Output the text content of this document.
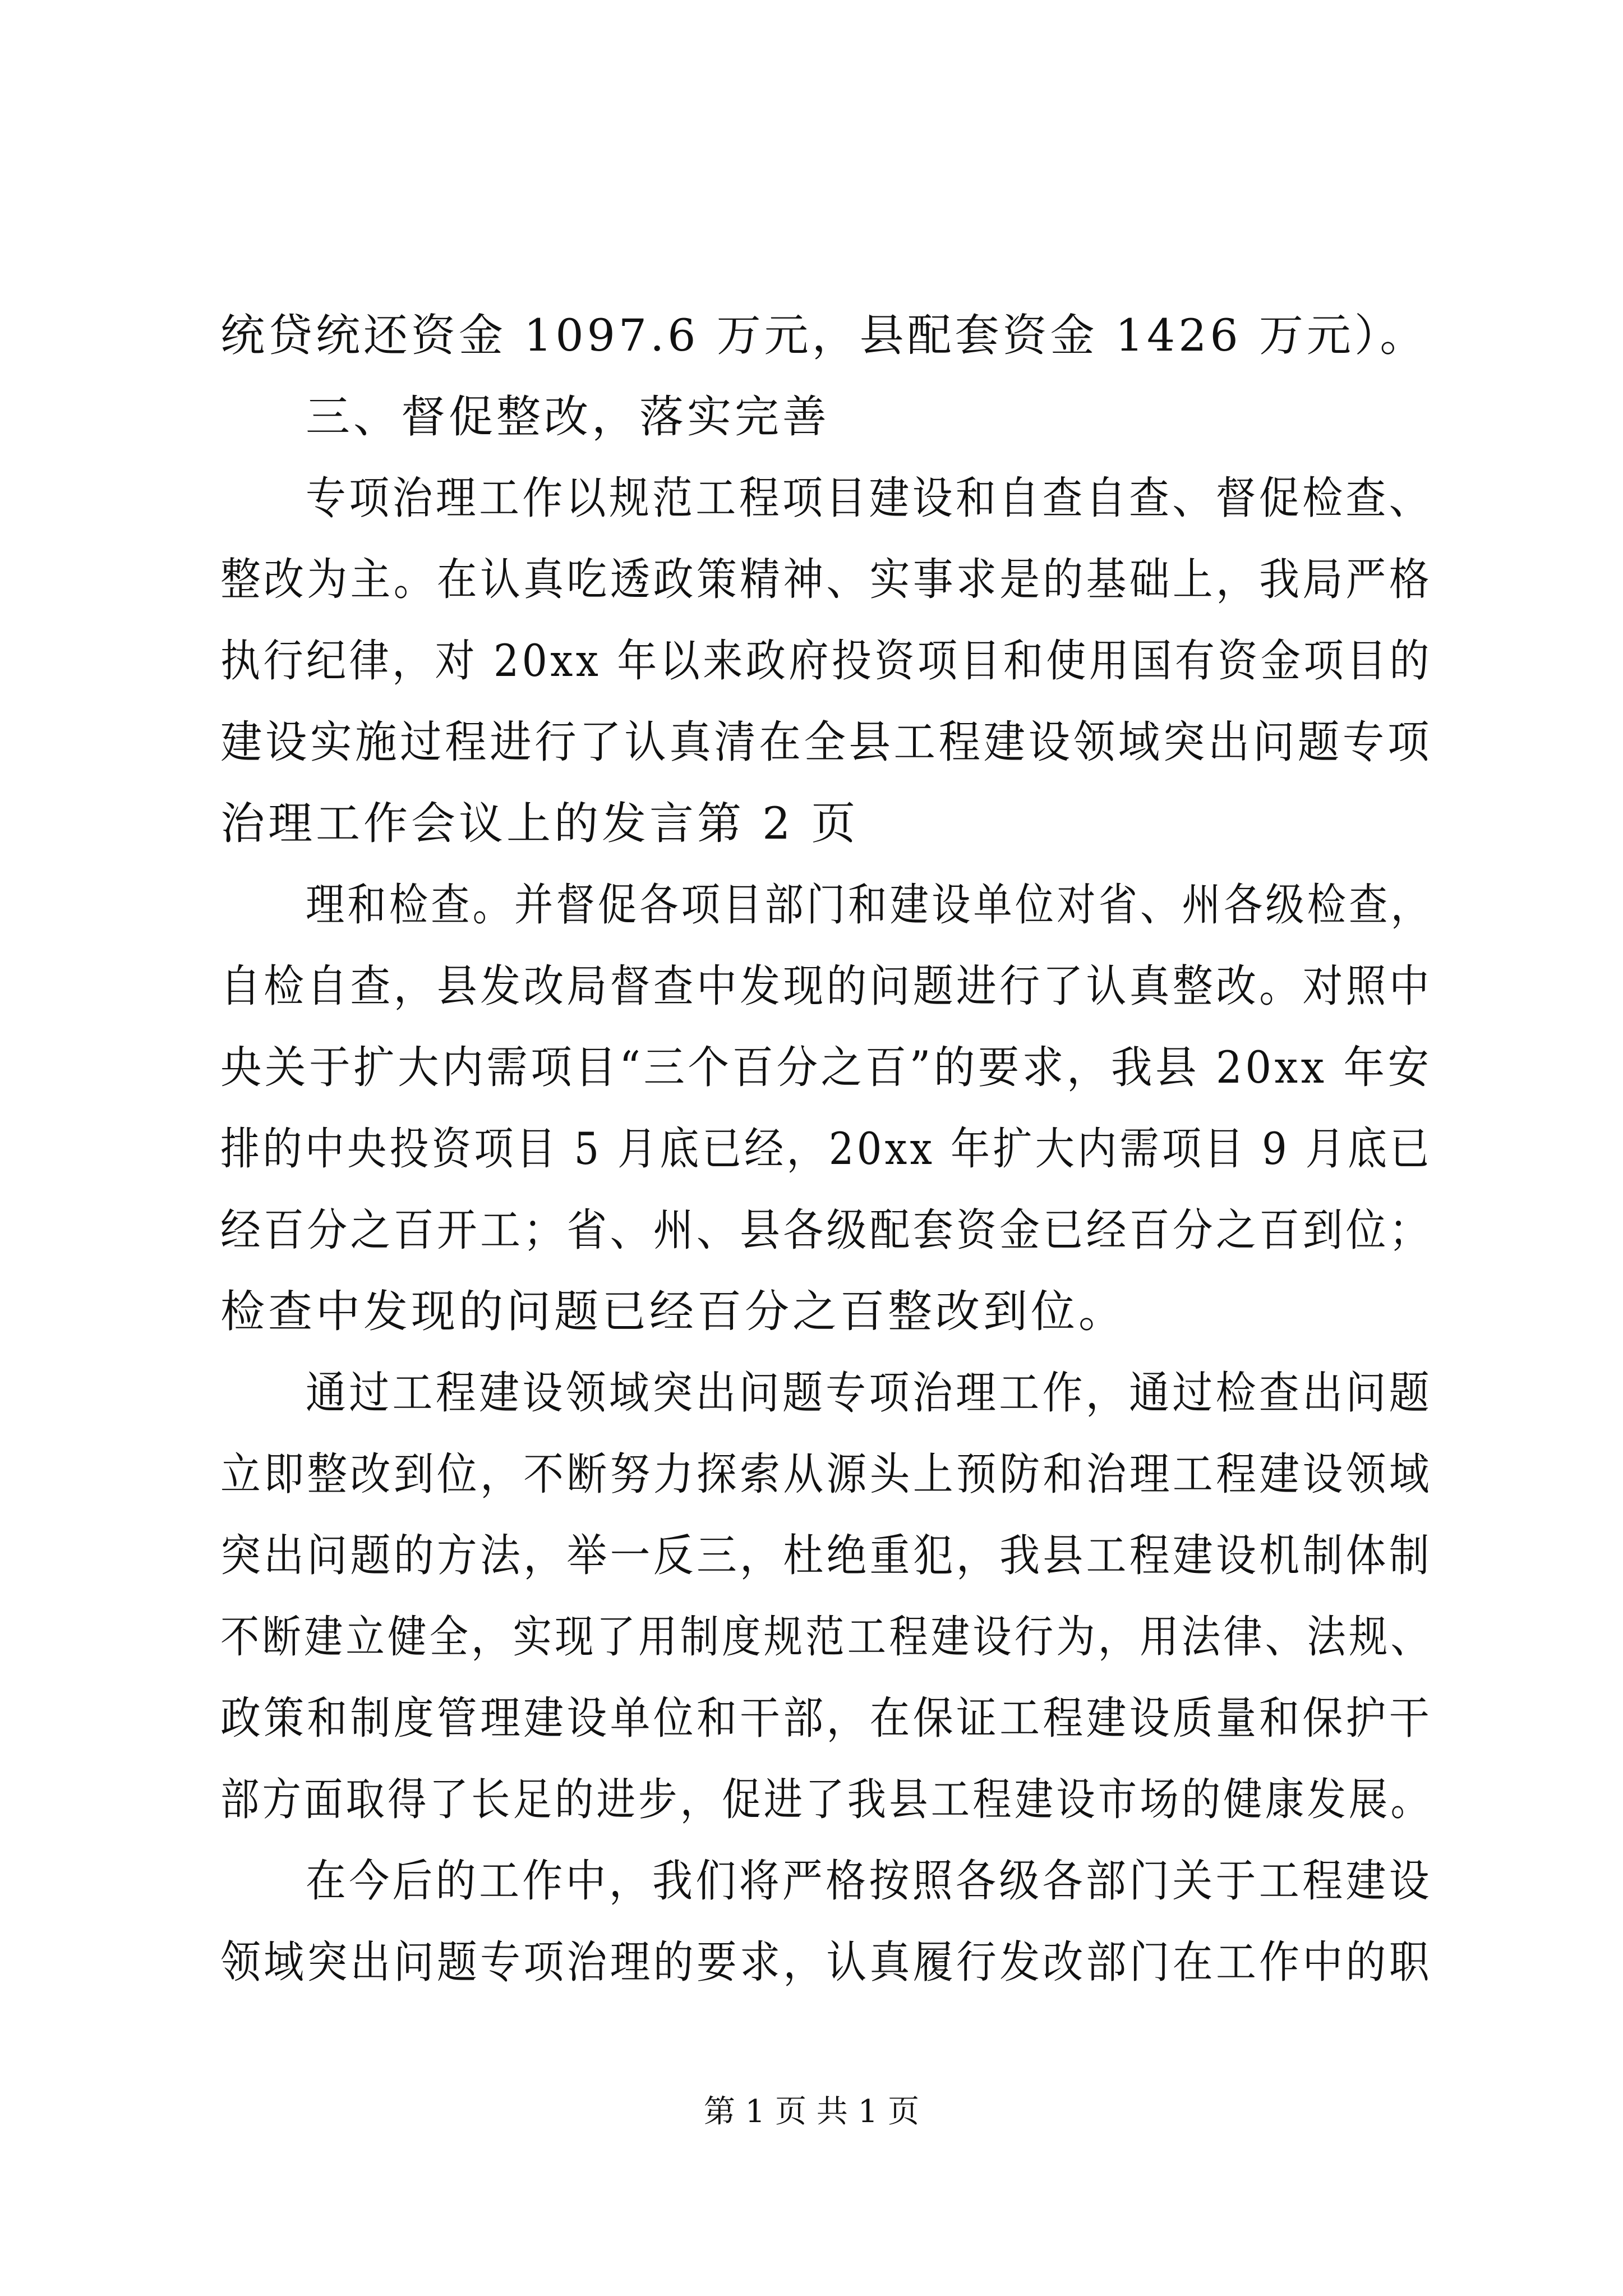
统贷统还资金 1097.6 万元，县配套资金 1426 万元）。
三、督促整改，落实完善
专项治理工作以规范工程项目建设和自查自查、督促检查、
整改为主。在认真吃透政策精神、实事求是的基础上，我局严格
执行纪律，对 20xx 年以来政府投资项目和使用国有资金项目的
建设实施过程进行了认真清在全县工程建设领域突出问题专项
治理工作会议上的发言第 2 页
理和检查。并督促各项目部门和建设单位对省、州各级检查，
自检自查，县发改局督查中发现的问题进行了认真整改。对照中
央关于扩大内需项目“三个百分之百”的要求，我县 20xx 年安
排的中央投资项目 5 月底已经，20xx 年扩大内需项目 9 月底已
经百分之百开工；省、州、县各级配套资金已经百分之百到位；
检查中发现的问题已经百分之百整改到位。
通过工程建设领域突出问题专项治理工作，通过检查出问题
立即整改到位，不断努力探索从源头上预防和治理工程建设领域
突出问题的方法，举一反三，杜绝重犯，我县工程建设机制体制
不断建立健全，实现了用制度规范工程建设行为，用法律、法规、
政策和制度管理建设单位和干部，在保证工程建设质量和保护干
部方面取得了长足的进步，促进了我县工程建设市场的健康发展。
在今后的工作中，我们将严格按照各级各部门关于工程建设
领域突出问题专项治理的要求，认真履行发改部门在工作中的职
第 1 页 共 1 页
